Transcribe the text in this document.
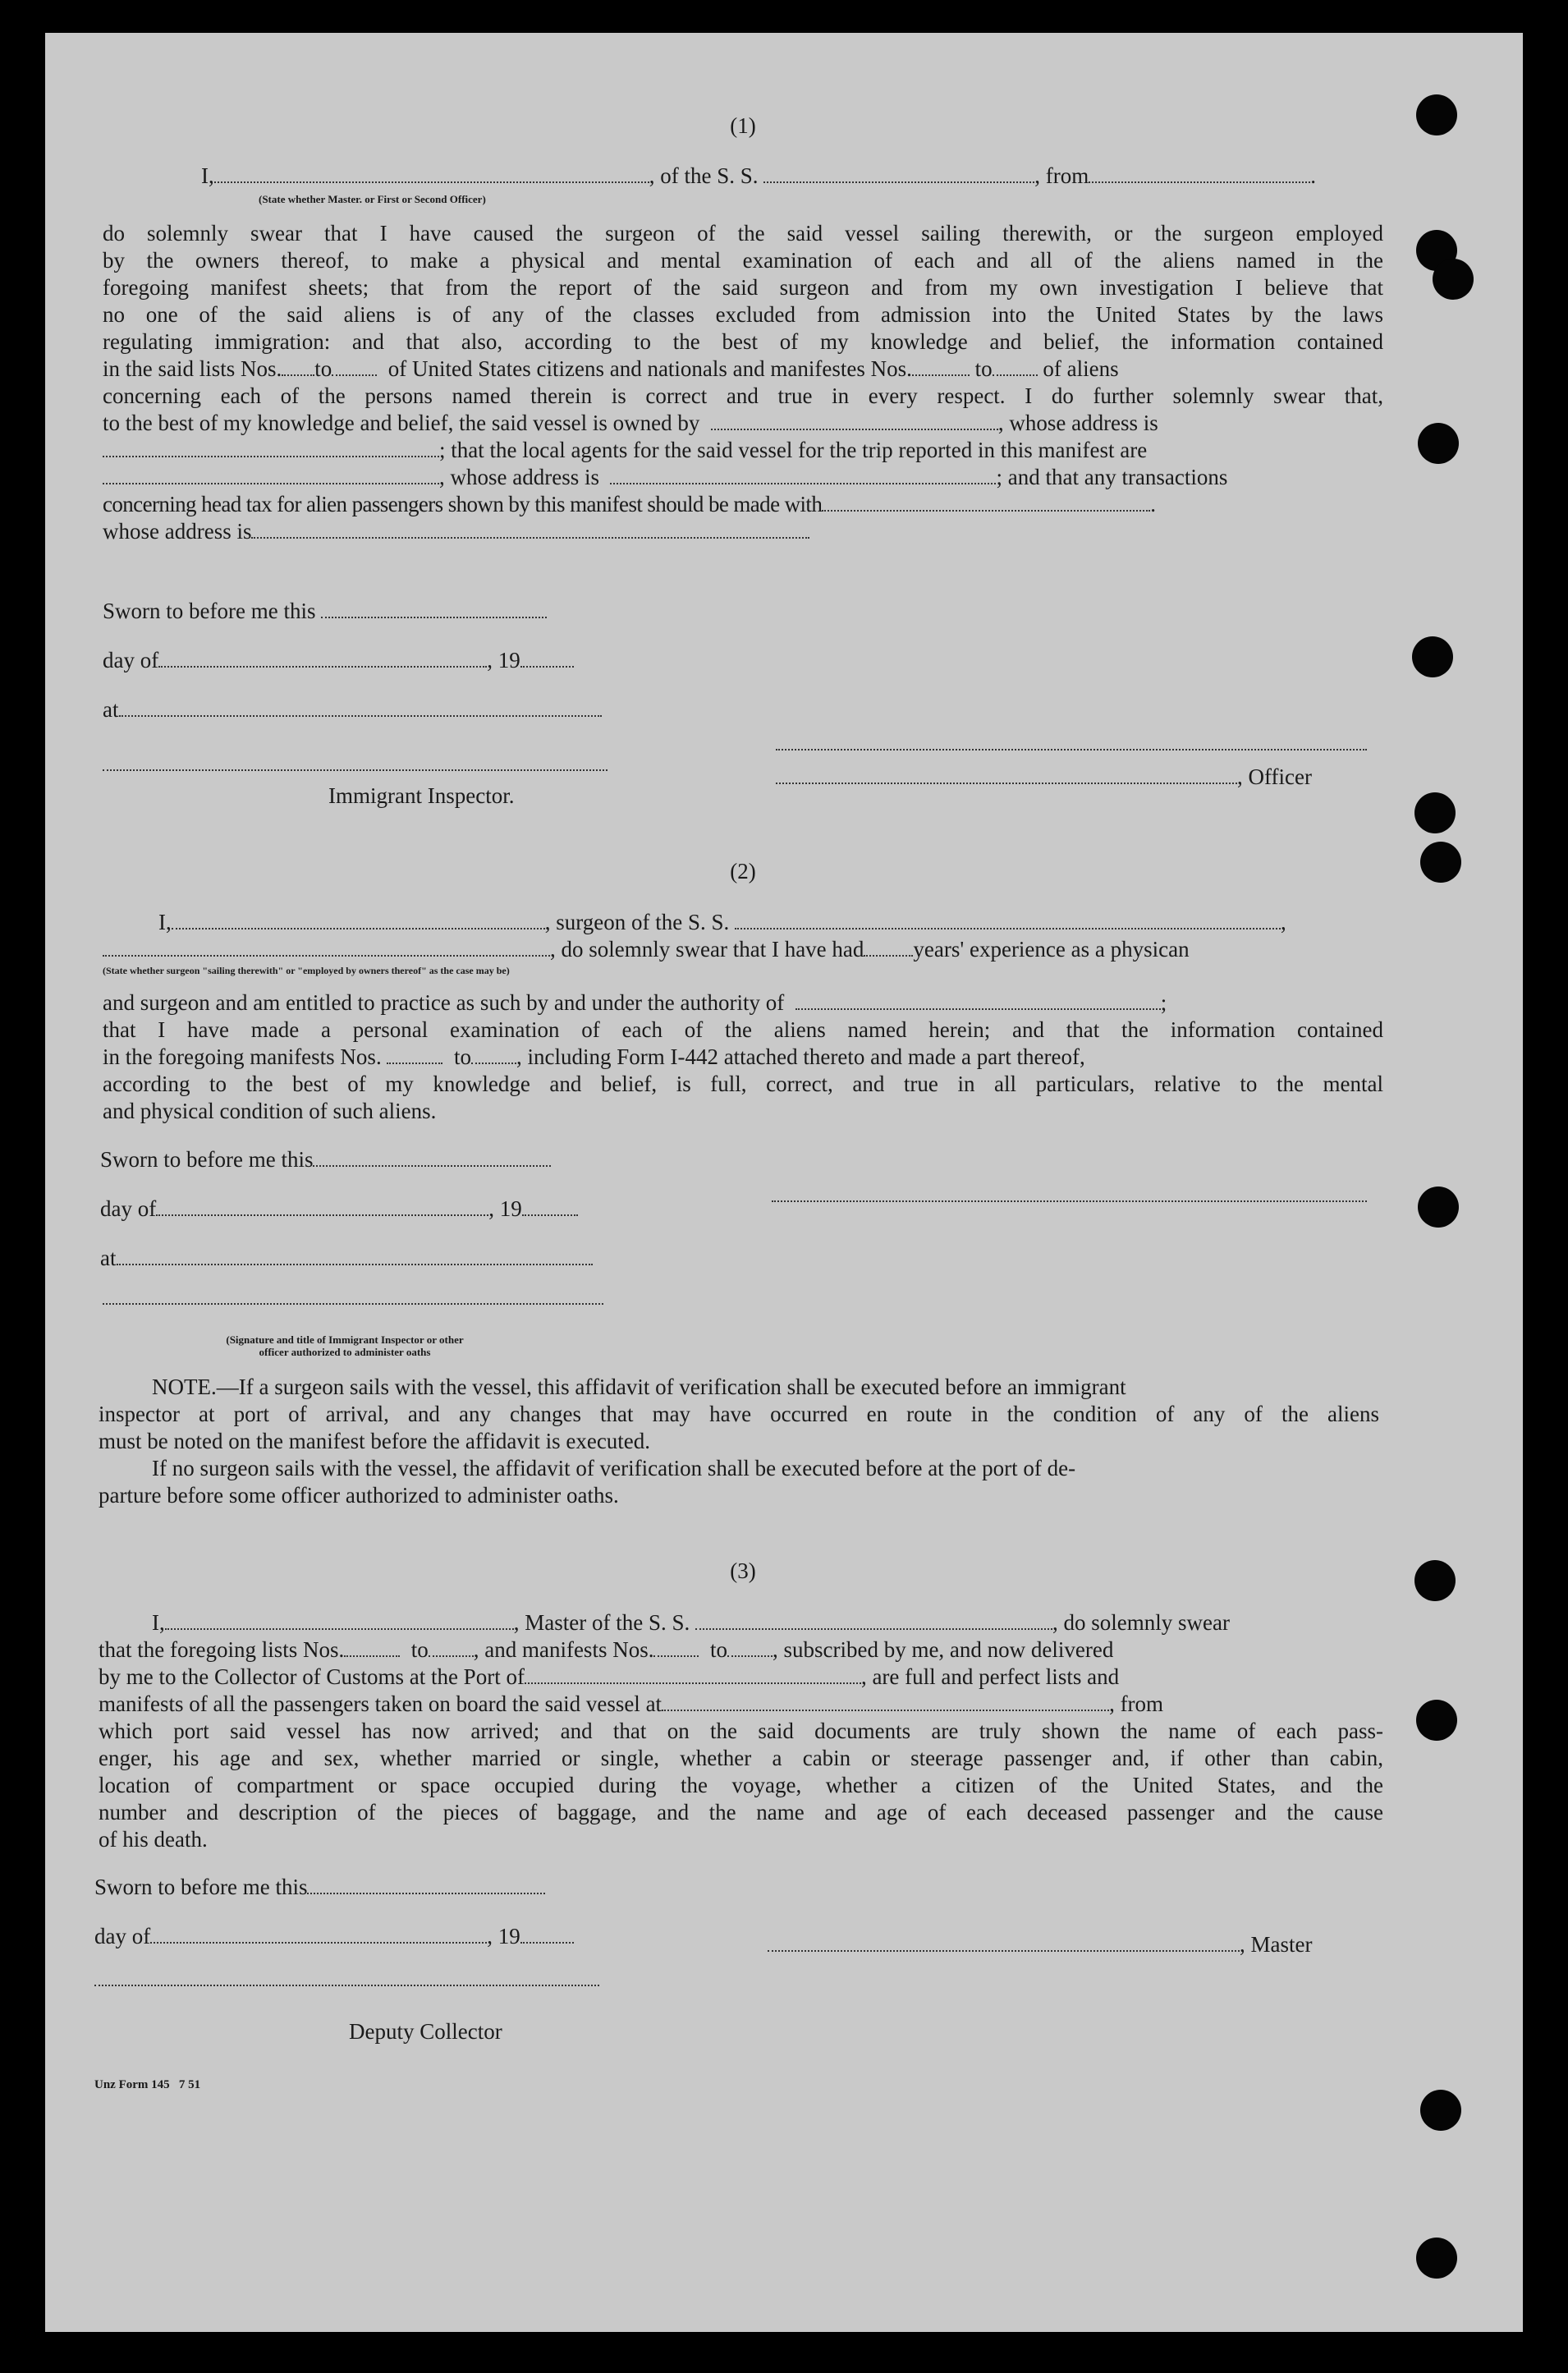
(1)
I,	, of the S. S.	, from	.
(State whether Master. or First or Second Officer)
do solemnly swear that I have caused the surgeon of the said vessel sailing therewith, or the surgeon employed
by the owners thereof, to make a physical and mental examination of each and all of the aliens named in the
foregoing manifest sheets; that from the report of the said surgeon and from my own investigation I believe that
no one of the said aliens is of any of the classes excluded from admission into the United States by the laws
regulating immigration: and that also, according to the best of my knowledge and belief, the information contained
in the said lists Nos. to	of United States citizens and nationals and manifestes Nos.	to of aliens
concerning each of the persons named therein is correct and true in every respect. I do further solemnly swear that,
to the best of my knowledge and belief, the said vessel is owned by	, whose address is
; that the local agents for the said vessel for the trip reported in this manifest are
, whose address is	; and that any transactions
concerning head tax for alien passengers shown by this manifest should be made with	.
whose address is
Sworn to before me this
day of	, 19
at
Immigrant Inspector.
, Officer
(2)
I,	, surgeon of the S. S.	,
, do solemnly swear that I have had years' experience as a physican
(State whether surgeon "sailing therewith" or "employed by owners thereof" as the case may be)
and surgeon and am entitled to practice as such by and under the authority of	;
that I have made a personal examination of each of the aliens named herein; and that the information contained
in the foregoing manifests Nos.	to , including Form I-442 attached thereto and made a part thereof,
according to the best of my knowledge and belief, is full, correct, and true in all particulars, relative to the mental
and physical condition of such aliens.
Sworn to before me this
day of	, 19
at
(Signature and title of Immigrant Inspector or other
officer authorized to administer oaths
NOTE.—If a surgeon sails with the vessel, this affidavit of verification shall be executed before an immigrant
inspector at port of arrival, and any changes that may have occurred en route in the condition of any of the aliens
must be noted on the manifest before the affidavit is executed.
If no surgeon sails with the vessel, the affidavit of verification shall be executed before at the port of de-
parture before some officer authorized to administer oaths.
(3)
I,	, Master of the S. S.	, do solemnly swear
that the foregoing lists Nos.	to , and manifests Nos.	to , subscribed by me, and now delivered
by me to the Collector of Customs at the Port of	, are full and perfect lists and
manifests of all the passengers taken on board the said vessel at	, from
which port said vessel has now arrived; and that on the said documents are truly shown the name of each pass-
enger, his age and sex, whether married or single, whether a cabin or steerage passenger and, if other than cabin,
location of compartment or space occupied during the voyage, whether a citizen of the United States, and the
number and description of the pieces of baggage, and the name and age of each deceased passenger and the cause
of his death.
Sworn to before me this
day of	, 19	, Master
Deputy Collector
Unz Form 145   7 51
